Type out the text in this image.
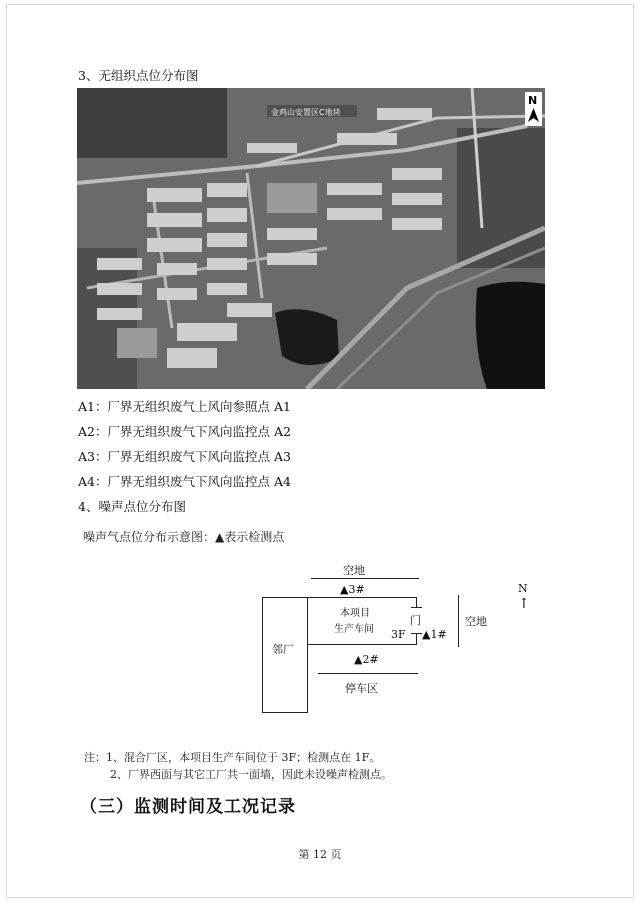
3、无组织点位分布图
金鸡山安置区C地块
N
A1：厂界无组织废气上风向参照点 A1
A2：厂界无组织废气下风向监控点 A2
A3：厂界无组织废气下风向监控点 A3
A4：厂界无组织废气下风向监控点 A4
4、噪声点位分布图
噪声气点位分布示意图：▲表示检测点
空地
▲3#
本项目
生产车间 3F
门
▲1#
空地
邻厂
▲2#
停车区
N
↑
注：1、混合厂区，本项目生产车间位于 3F；检测点在 1F。
2、厂界西面与其它工厂共一面墙，因此未设噪声检测点。
（三）监测时间及工况记录
第 12 页
